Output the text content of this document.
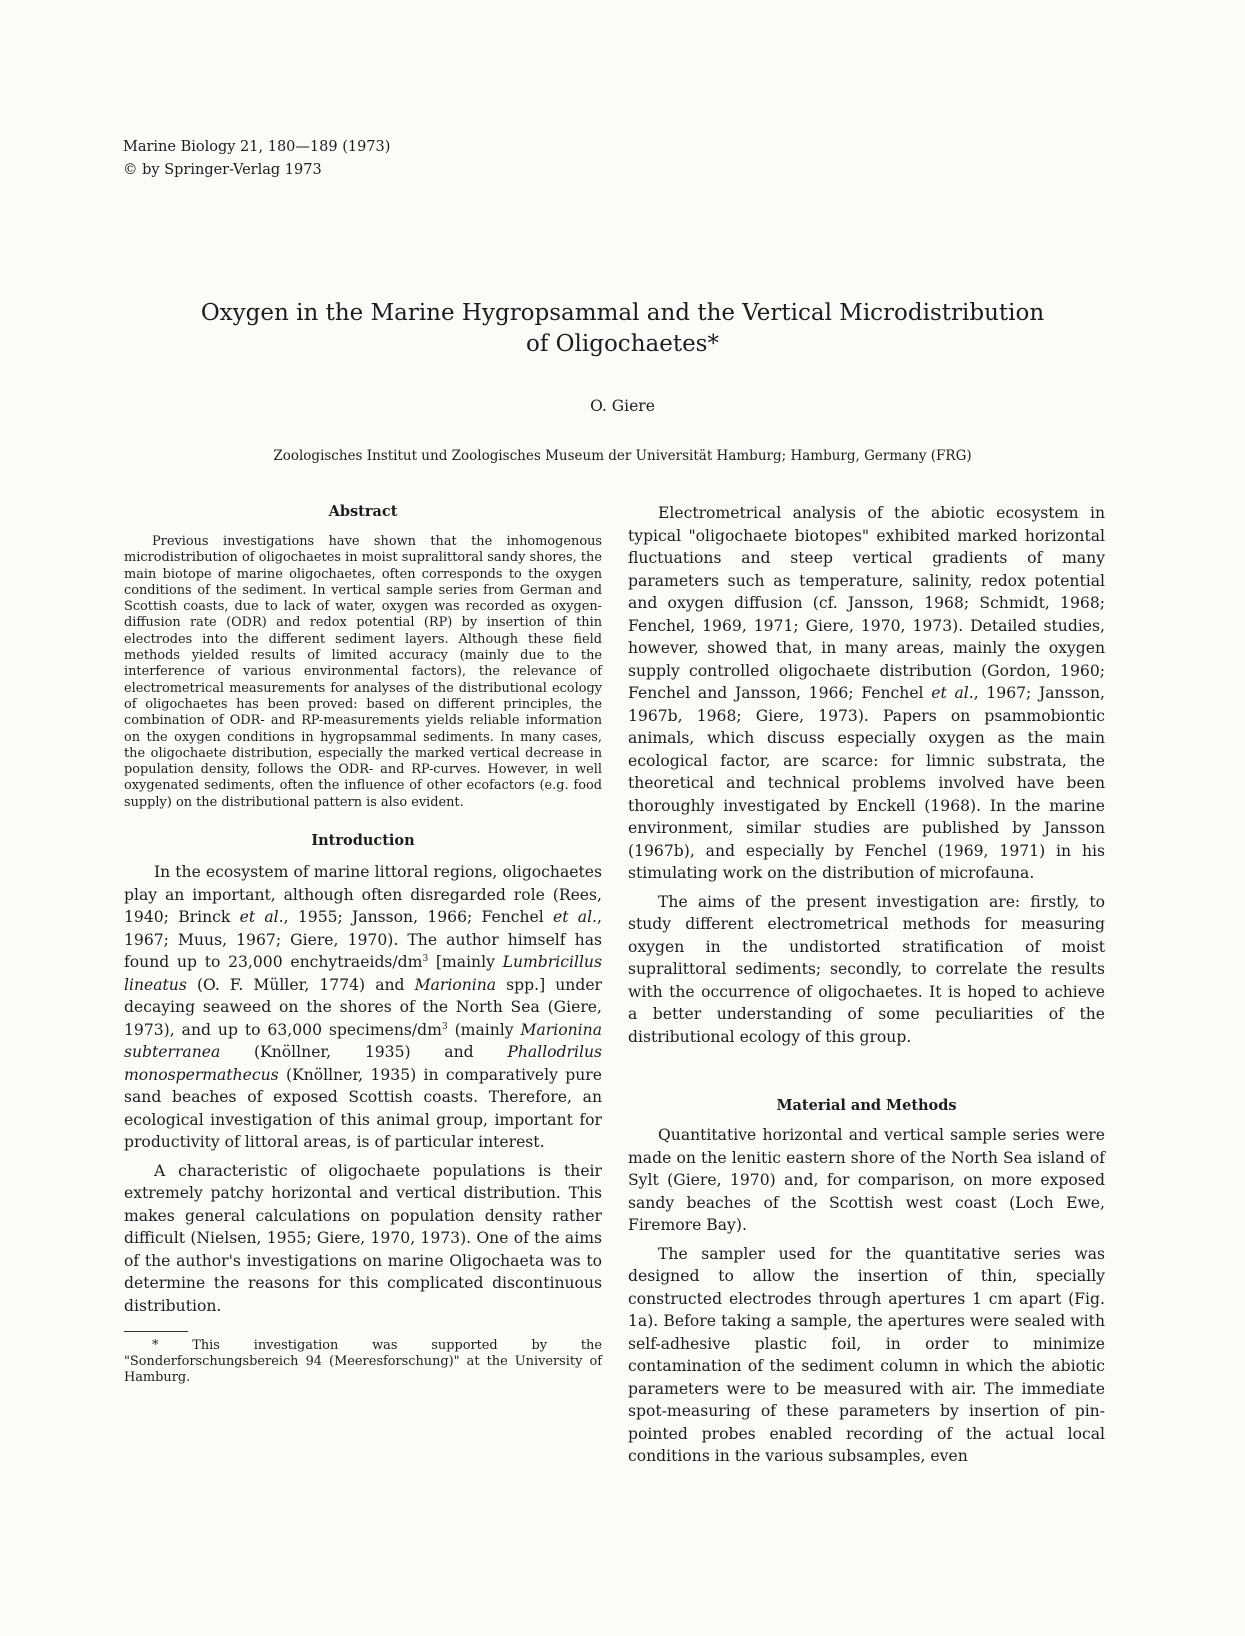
Marine Biology 21, 180—189 (1973)
© by Springer-Verlag 1973
Oxygen in the Marine Hygropsammal and the Vertical Microdistribution
of Oligochaetes*
O. Giere
Zoologisches Institut und Zoologisches Museum der Universität Hamburg; Hamburg, Germany (FRG)
Abstract

Previous investigations have shown that the inhomogenous microdistribution of oligochaetes in moist supralittoral sandy shores, the main biotope of marine oligochaetes, often corresponds to the oxygen conditions of the sediment. In vertical sample series from German and Scottish coasts, due to lack of water, oxygen was recorded as oxygen-diffusion rate (ODR) and redox potential (RP) by insertion of thin electrodes into the different sediment layers. Although these field methods yielded results of limited accuracy (mainly due to the interference of various environmental factors), the relevance of electrometrical measurements for analyses of the distributional ecology of oligochaetes has been proved: based on different principles, the combination of ODR- and RP-measurements yields reliable information on the oxygen conditions in hygropsammal sediments. In many cases, the oligochaete distribution, especially the marked vertical decrease in population density, follows the ODR- and RP-curves. However, in well oxygenated sediments, often the influence of other ecofactors (e.g. food supply) on the distributional pattern is also evident.

Introduction

In the ecosystem of marine littoral regions, oligochaetes play an important, although often disregarded role (Rees, 1940; Brinck et al., 1955; Jansson, 1966; Fenchel et al., 1967; Muus, 1967; Giere, 1970). The author himself has found up to 23,000 enchytraeids/$dm^3$ [mainly Lumbricillus lineatus (O. F. Müller, 1774) and Marionina spp.] under decaying seaweed on the shores of the North Sea (Giere, 1973), and up to 63,000 specimens/$dm^3$ (mainly Marionina subterranea (Knöllner, 1935) and Phallodrilus monospermathecus (Knöllner, 1935) in comparatively pure sand beaches of exposed Scottish coasts. Therefore, an ecological investigation of this animal group, important for productivity of littoral areas, is of particular interest.

A characteristic of oligochaete populations is their extremely patchy horizontal and vertical distribution. This makes general calculations on population density rather difficult (Nielsen, 1955; Giere, 1970, 1973). One of the aims of the author's investigations on marine Oligochaeta was to determine the reasons for this complicated discontinuous distribution.

* This investigation was supported by the "Sonderforschungsbereich 94 (Meeresforschung)" at the University of Hamburg.

Electrometrical analysis of the abiotic ecosystem in typical "oligochaete biotopes" exhibited marked horizontal fluctuations and steep vertical gradients of many parameters such as temperature, salinity, redox potential and oxygen diffusion (cf. Jansson, 1968; Schmidt, 1968; Fenchel, 1969, 1971; Giere, 1970, 1973). Detailed studies, however, showed that, in many areas, mainly the oxygen supply controlled oligochaete distribution (Gordon, 1960; Fenchel and Jansson, 1966; Fenchel et al., 1967; Jansson, 1967b, 1968; Giere, 1973). Papers on psammobiontic animals, which discuss especially oxygen as the main ecological factor, are scarce: for limnic substrata, the theoretical and technical problems involved have been thoroughly investigated by Enckell (1968). In the marine environment, similar studies are published by Jansson (1967b), and especially by Fenchel (1969, 1971) in his stimulating work on the distribution of microfauna.

The aims of the present investigation are: firstly, to study different electrometrical methods for measuring oxygen in the undistorted stratification of moist supralittoral sediments; secondly, to correlate the results with the occurrence of oligochaetes. It is hoped to achieve a better understanding of some peculiarities of the distributional ecology of this group.

Material and Methods

Quantitative horizontal and vertical sample series were made on the lenitic eastern shore of the North Sea island of Sylt (Giere, 1970) and, for comparison, on more exposed sandy beaches of the Scottish west coast (Loch Ewe, Firemore Bay).

The sampler used for the quantitative series was designed to allow the insertion of thin, specially constructed electrodes through apertures 1 cm apart (Fig. 1a). Before taking a sample, the apertures were sealed with self-adhesive plastic foil, in order to minimize contamination of the sediment column in which the abiotic parameters were to be measured with air. The immediate spot-measuring of these parameters by insertion of pin-pointed probes enabled recording of the actual local conditions in the various subsamples, even
